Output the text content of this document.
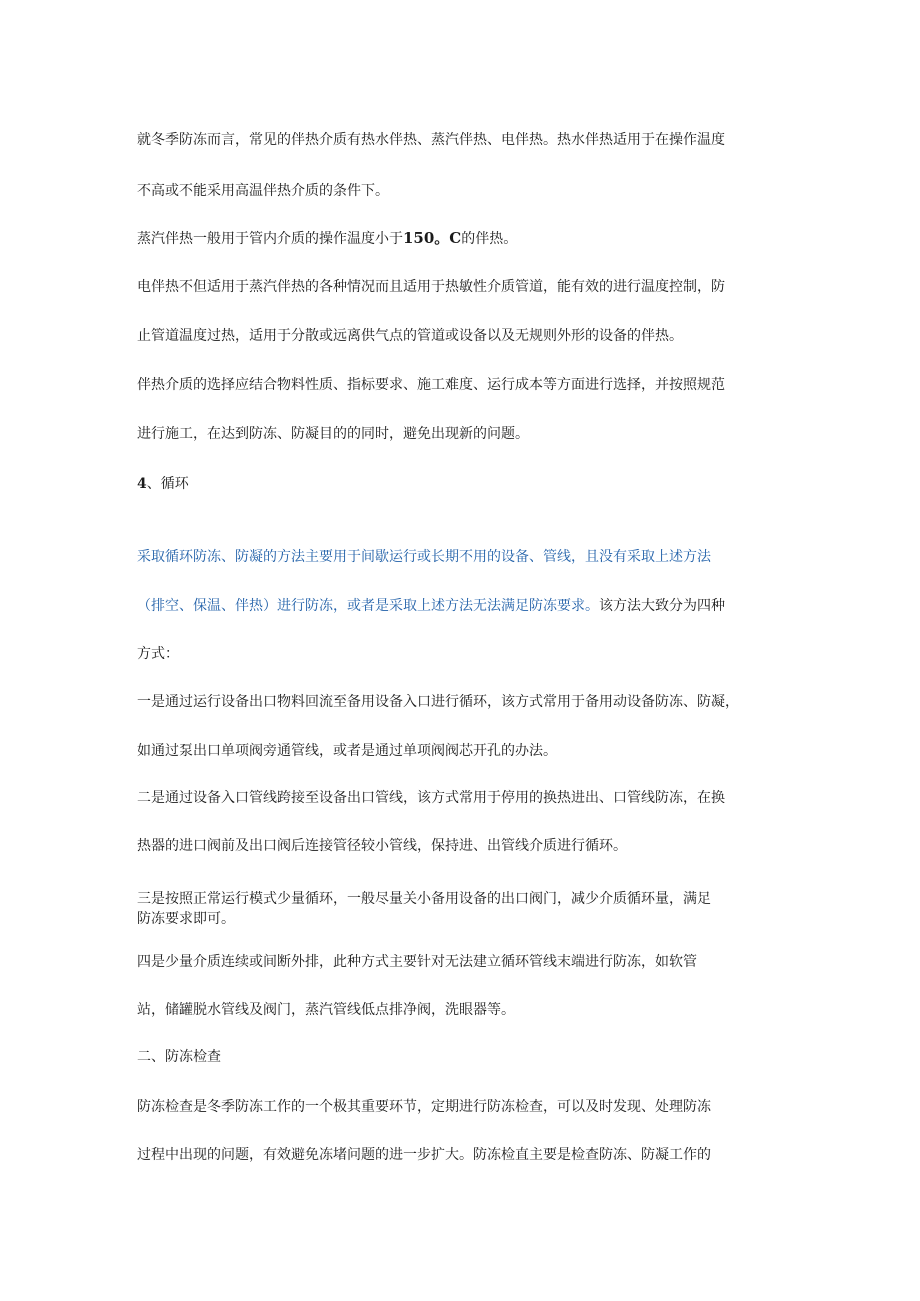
就冬季防冻而言，常见的伴热介质有热水伴热、蒸汽伴热、电伴热。热水伴热适用于在操作温度

不高或不能采用高温伴热介质的条件下。

蒸汽伴热一般用于管内介质的操作温度小于150。C的伴热。

电伴热不但适用于蒸汽伴热的各种情况而且适用于热敏性介质管道，能有效的进行温度控制，防

止管道温度过热，适用于分散或远离供气点的管道或设备以及无规则外形的设备的伴热。

伴热介质的选择应结合物料性质、指标要求、施工难度、运行成本等方面进行选择，并按照规范

进行施工，在达到防冻、防凝目的的同时，避免出现新的问题。

4、循环

采取循环防冻、防凝的方法主要用于间歇运行或长期不用的设备、管线，且没有采取上述方法

（排空、保温、伴热）进行防冻，或者是采取上述方法无法满足防冻要求。该方法大致分为四种

方式：

一是通过运行设备出口物料回流至备用设备入口进行循环，该方式常用于备用动设备防冻、防凝，

如通过泵出口单项阀旁通管线，或者是通过单项阀阀芯开孔的办法。

二是通过设备入口管线跨接至设备出口管线，该方式常用于停用的换热进出、口管线防冻，在换

热器的进口阀前及出口阀后连接管径较小管线，保持进、出管线介质进行循环。

三是按照正常运行模式少量循环，一般尽量关小备用设备的出口阀门，减少介质循环量，满足

防冻要求即可。

四是少量介质连续或间断外排，此种方式主要针对无法建立循环管线末端进行防冻，如软管

站，储罐脱水管线及阀门，蒸汽管线低点排净阀，洗眼器等。

二、防冻检查

防冻检查是冬季防冻工作的一个极其重要环节，定期进行防冻检查，可以及时发现、处理防冻

过程中出现的问题，有效避免冻堵问题的进一步扩大。防冻检直主要是检查防冻、防凝工作的
